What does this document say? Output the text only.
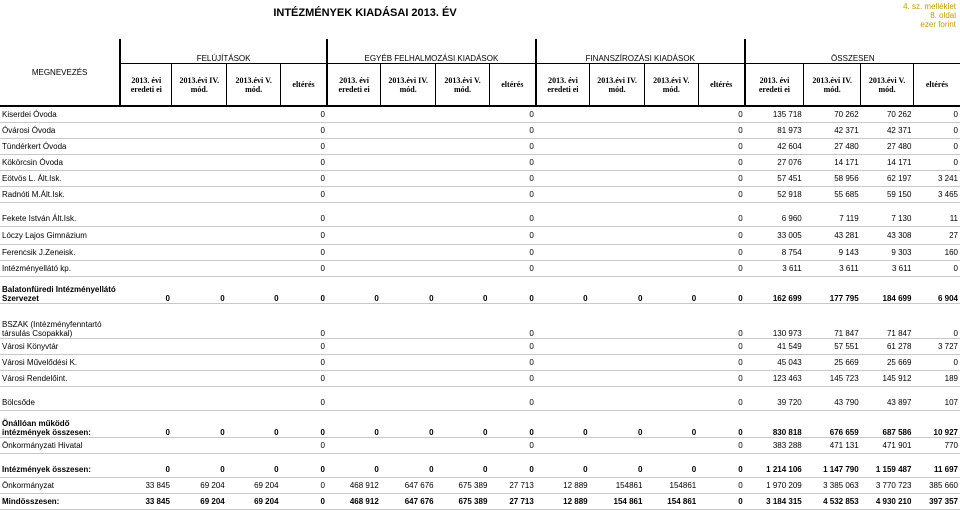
INTÉZMÉNYEK KIADÁSAI 2013. ÉV
4. sz. melléklet
8. oldal
ezer forint
MEGNEVEZÉS	FELÚJÍTÁSOK				EGYÉB FELHALMOZÁSI KIADÁSOK				FINANSZÍROZÁSI KIADÁSOK				ÖSSZESEN			
	2013. évi eredeti ei	2013.évi IV. mód.	2013.évi V. mód.	eltérés	2013. évi eredeti ei	2013.évi IV. mód.	2013.évi V. mód.	eltérés	2013. évi eredeti ei	2013.évi IV. mód.	2013.évi V. mód.	eltérés	2013. évi eredeti ei	2013.évi IV. mód.	2013.évi V. mód.	eltérés
Kiserdei Óvoda				0				0				0	135 718	70 262	70 262	0
Óvárosi Óvoda				0				0				0	81 973	42 371	42 371	0
Tündérkert Óvoda				0				0				0	42 604	27 480	27 480	0
Kökörcsin Óvoda				0				0				0	27 076	14 171	14 171	0
Eötvös L. Ált.Isk.				0				0				0	57 451	58 956	62 197	3 241
Radnóti M.Ált.Isk.				0				0				0	52 918	55 685	59 150	3 465

Fekete István Ált.Isk.				0				0				0	6 960	7 119	7 130	11
Lóczy Lajos Gimnázium				0				0				0	33 005	43 281	43 308	27
Ferencsik J.Zeneisk.				0				0				0	8 754	9 143	9 303	160
Intézményellátó kp.				0				0				0	3 611	3 611	3 611	0
Balatonfüredi Intézményellátó Szervezet	0	0	0	0	0	0	0	0	0	0	0	0	162 699	177 795	184 699	6 904

BSZAK (Intézményfenntartó társulás Csopakkal)				0				0				0	130 973	71 847	71 847	0
Városi Könyvtár				0				0				0	41 549	57 551	61 278	3 727
Városi Művelődési K.				0				0				0	45 043	25 669	25 669	0
Városi Rendelőint.				0				0				0	123 463	145 723	145 912	189

Bölcsőde				0				0				0	39 720	43 790	43 897	107
Önállóan működő intézmények összesen:	0	0	0	0	0	0	0	0	0	0	0	0	830 818	676 659	687 586	10 927
Önkormányzati Hivatal				0				0				0	383 288	471 131	471 901	770

Intézmények összesen:	0	0	0	0	0	0	0	0	0	0	0	0	1 214 106	1 147 790	1 159 487	11 697
Önkormányzat	33 845	69 204	69 204	0	468 912	647 676	675 389	27 713	12 889	154861	154861	0	1 970 209	3 385 063	3 770 723	385 660
Mindösszesen:	33 845	69 204	69 204	0	468 912	647 676	675 389	27 713	12 889	154 861	154 861	0	3 184 315	4 532 853	4 930 210	397 357
